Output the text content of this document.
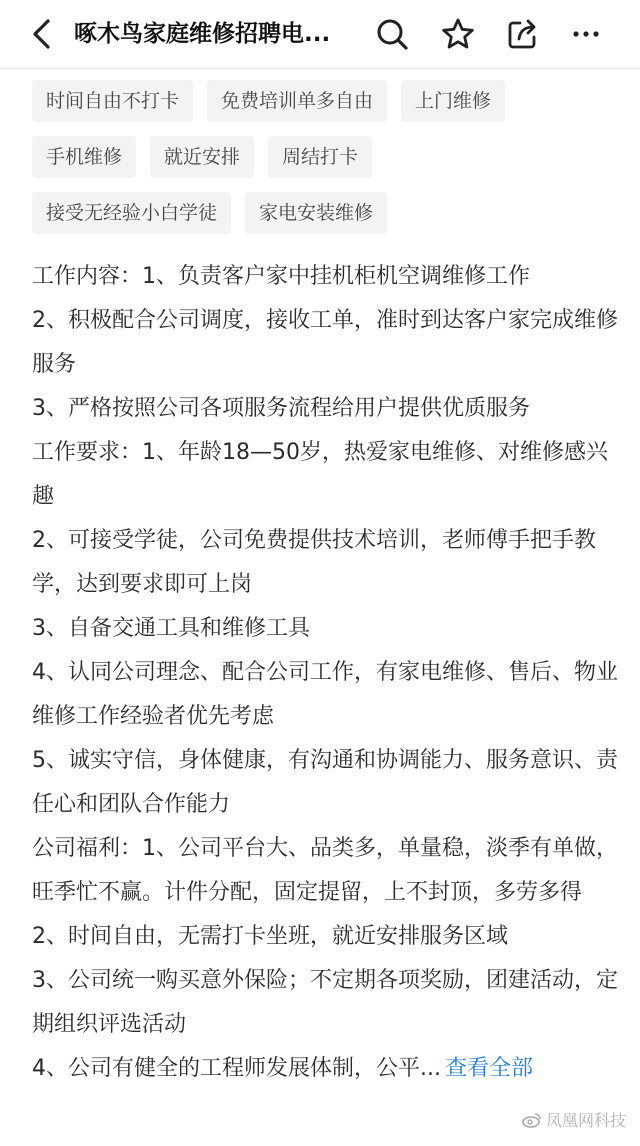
啄木鸟家庭维修招聘电...
时间自由不打卡	免费培训单多自由	上门维修
手机维修	就近安排	周结打卡
接受无经验小白学徒	家电安装维修

工作内容：1、负责客户家中挂机柜机空调维修工作

2、积极配合公司调度，接收工单，准时到达客户家完成维修服务

3、严格按照公司各项服务流程给用户提供优质服务

工作要求：1、年龄18—50岁，热爱家电维修、对维修感兴趣

2、可接受学徒，公司免费提供技术培训，老师傅手把手教学，达到要求即可上岗

3、自备交通工具和维修工具

4、认同公司理念、配合公司工作，有家电维修、售后、物业维修工作经验者优先考虑

5、诚实守信，身体健康，有沟通和协调能力、服务意识、责任心和团队合作能力

公司福利：1、公司平台大、品类多，单量稳，淡季有单做，旺季忙不赢。计件分配，固定提留，上不封顶，多劳多得

2、时间自由，无需打卡坐班，就近安排服务区域

3、公司统一购买意外保险；不定期各项奖励，团建活动，定期组织评选活动

4、公司有健全的工程师发展体制，公平... 查看全部
凤凰网科技
